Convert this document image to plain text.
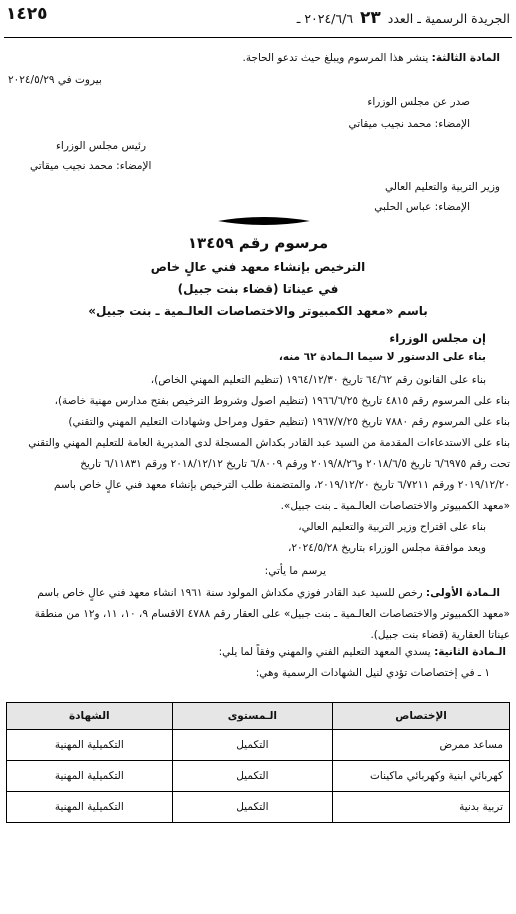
الجريدة الرسمية ـ العدد ٢٣ ٢٠٢٤/٦/٦ ـ
١٤٢٥
المادة الثالثة: ينشر هذا المرسوم ويبلغ حيث تدعو الحاجة.
بيروت في ٢٠٢٤/٥/٢٩
صدر عن مجلس الوزراء
الإمضاء: محمد نجيب ميقاتي
رئيس مجلس الوزراء
الإمضاء: محمد نجيب ميقاتي
وزير التربية والتعليم العالي
الإمضاء: عباس الحلبي
مرسوم رقم ١٣٤٥٩
الترخيص بإنشاء معهد فني عالٍ خاص
في عيناتا (قضاء بنت جبيل)
باسم «معهد الكمبيوتر والاختصاصات العالـمية ـ بنت جبيل»
إن مجلس الوزراء
بناء على الدستور لا سيما الـمادة ٦٢ منه،
بناء على القانون رقم ٦٤/٦٢ تاريخ ١٩٦٤/١٢/٣٠ (تنظيم التعليم المهني الخاص)،
بناء على المرسوم رقم ٤٨١٥ تاريخ ١٩٦٦/٦/٢٥ (تنظيم اصول وشروط الترخيص بفتح مدارس مهنية خاصة)،
بناء على المرسوم رقم ٧٨٨٠ تاريخ ١٩٦٧/٧/٢٥ (تنظيم حقول ومراحل وشهادات التعليم المهني والتقني)
بناء على الاستدعاءات المقدمة من السيد عبد القادر بكداش المسجلة لدى المديرية العامة للتعليم المهني والتقني
تحت رقم ٦/٦٩٧٥ تاريخ ٢٠١٨/٦/٥ و٢٠١٩/٨/٢٦ ورقم ٦/٨٠٠٩ تاريخ ٢٠١٨/١٢/١٢ ورقم ٦/١١٨٣١ تاريخ
٢٠١٩/١٢/٢٠ ورقم ٦/٧٢١١ تاريخ ٢٠١٩/١٢/٢٠، والمتضمنة طلب الترخيص بإنشاء معهد فني عالٍ خاص باسم
«معهد الكمبيوتر والاختصاصات العالـمية ـ بنت جبيل».
بناء على اقتراح وزير التربية والتعليم العالي،
وبعد موافقة مجلس الوزراء بتاريخ ٢٠٢٤/٥/٢٨،
يرسم ما يأتي:
الـمادة الأولى: رخص للسيد عبد القادر فوزي مكداش المولود سنة ١٩٦١ انشاء معهد فني عالٍ خاص باسم
«معهد الكمبيوتر والاختصاصات العالـمية ـ بنت جبيل» على العقار رقم ٤٧٨٨ الاقسام ٩، ١٠، ١١، و١٢ من منطقة
عيناتا العقارية (قضاء بنت جبيل).
الـمادة الثانية: يسدي المعهد التعليم الفني والمهني وفقاً لما يلي:
١ ـ في إختصاصات تؤدي لنيل الشهادات الرسمية وهي:
الإختصاص	الـمستوى	الشهادة
مساعد ممرض	التكميل	التكميلية المهنية
كهربائي ابنية وكهربائي ماكينات	التكميل	التكميلية المهنية
تربية بدنية	التكميل	التكميلية المهنية
